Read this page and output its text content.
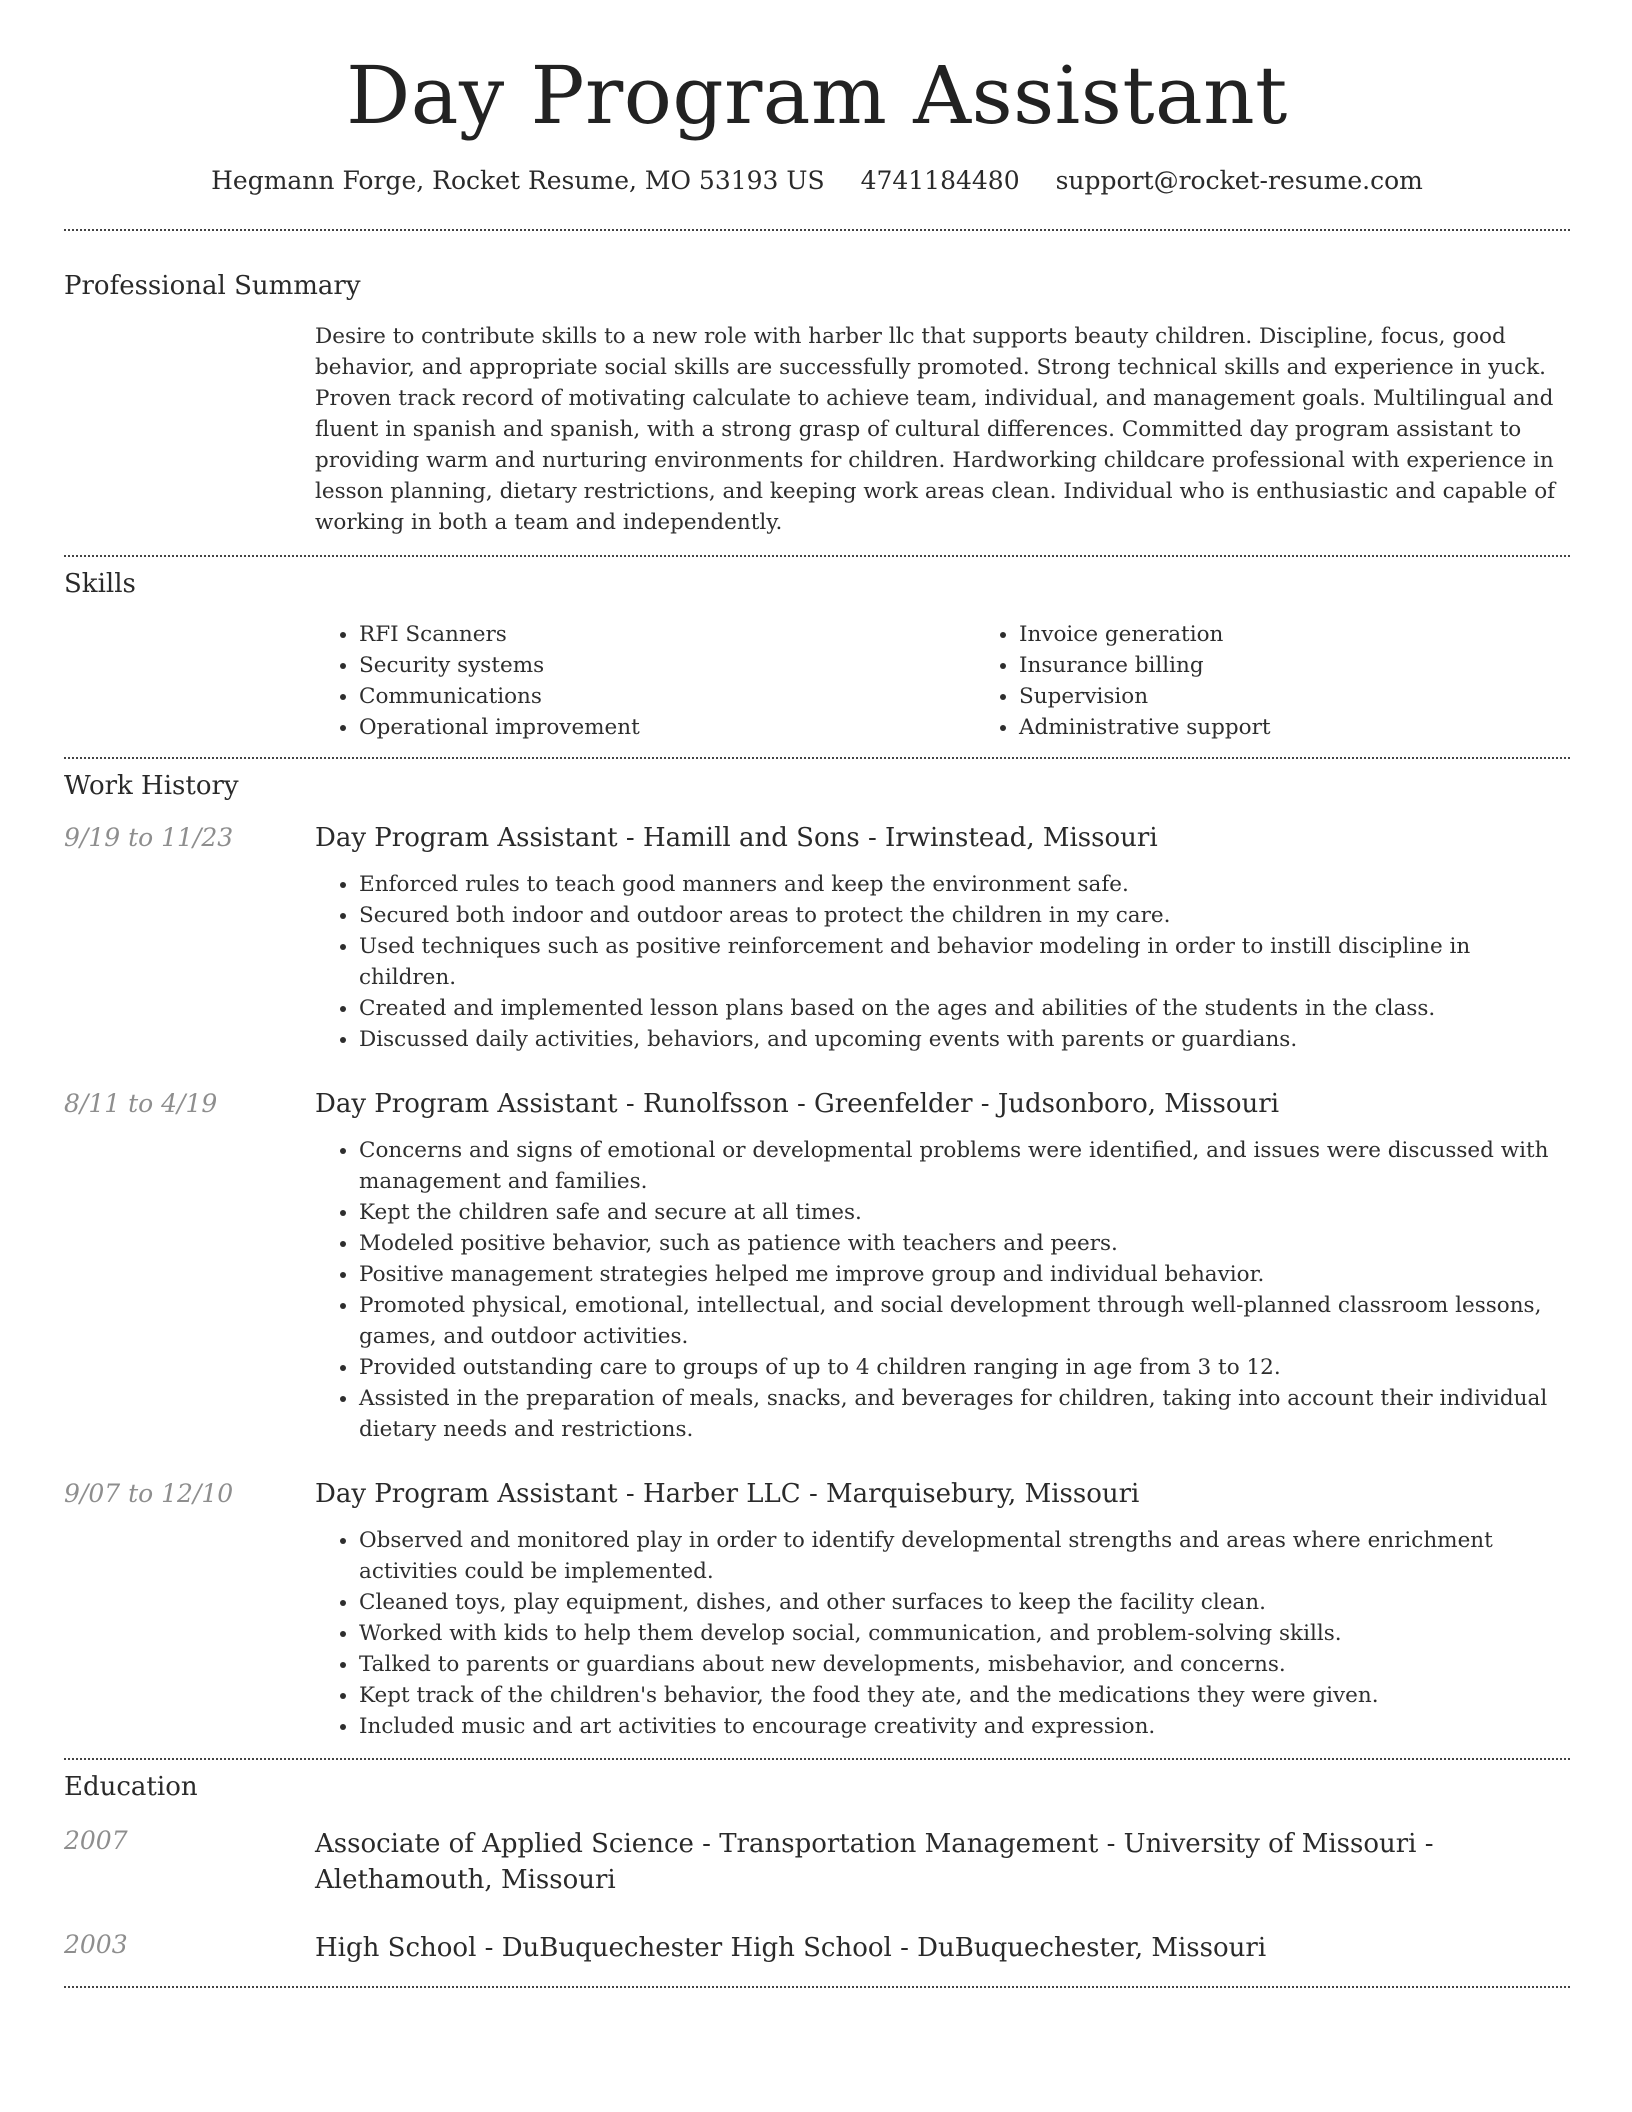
Day Program Assistant
Hegmann Forge, Rocket Resume, MO 53193 US 4741184480 support@rocket-resume.com
Professional Summary

Desire to contribute skills to a new role with harber llc that supports beauty children. Discipline, focus, good behavior, and appropriate social skills are successfully promoted. Strong technical skills and experience in yuck. Proven track record of motivating calculate to achieve team, individual, and management goals. Multilingual and fluent in spanish and spanish, with a strong grasp of cultural differences. Committed day program assistant to providing warm and nurturing environments for children. Hardworking childcare professional with experience in lesson planning, dietary restrictions, and keeping work areas clean. Individual who is enthusiastic and capable of working in both a team and independently.

Skills
• RFI Scanners
• Security systems
• Communications
• Operational improvement
• Invoice generation
• Insurance billing
• Supervision
• Administrative support
Work History
9/19 to 11/23	Day Program Assistant - Hamill and Sons - Irwinstead, Missouri
• Enforced rules to teach good manners and keep the environment safe.
• Secured both indoor and outdoor areas to protect the children in my care.
• Used techniques such as positive reinforcement and behavior modeling in order to instill discipline in children.
• Created and implemented lesson plans based on the ages and abilities of the students in the class.
• Discussed daily activities, behaviors, and upcoming events with parents or guardians.
8/11 to 4/19	Day Program Assistant - Runolfsson - Greenfelder - Judsonboro, Missouri
• Concerns and signs of emotional or developmental problems were identified, and issues were discussed with management and families.
• Kept the children safe and secure at all times.
• Modeled positive behavior, such as patience with teachers and peers.
• Positive management strategies helped me improve group and individual behavior.
• Promoted physical, emotional, intellectual, and social development through well-planned classroom lessons, games, and outdoor activities.
• Provided outstanding care to groups of up to 4 children ranging in age from 3 to 12.
• Assisted in the preparation of meals, snacks, and beverages for children, taking into account their individual dietary needs and restrictions.
9/07 to 12/10	Day Program Assistant - Harber LLC - Marquisebury, Missouri
• Observed and monitored play in order to identify developmental strengths and areas where enrichment activities could be implemented.
• Cleaned toys, play equipment, dishes, and other surfaces to keep the facility clean.
• Worked with kids to help them develop social, communication, and problem-solving skills.
• Talked to parents or guardians about new developments, misbehavior, and concerns.
• Kept track of the children's behavior, the food they ate, and the medications they were given.
• Included music and art activities to encourage creativity and expression.
Education
2007	Associate of Applied Science - Transportation Management - University of Missouri - Alethamouth, Missouri
2003	High School - DuBuquechester High School - DuBuquechester, Missouri
